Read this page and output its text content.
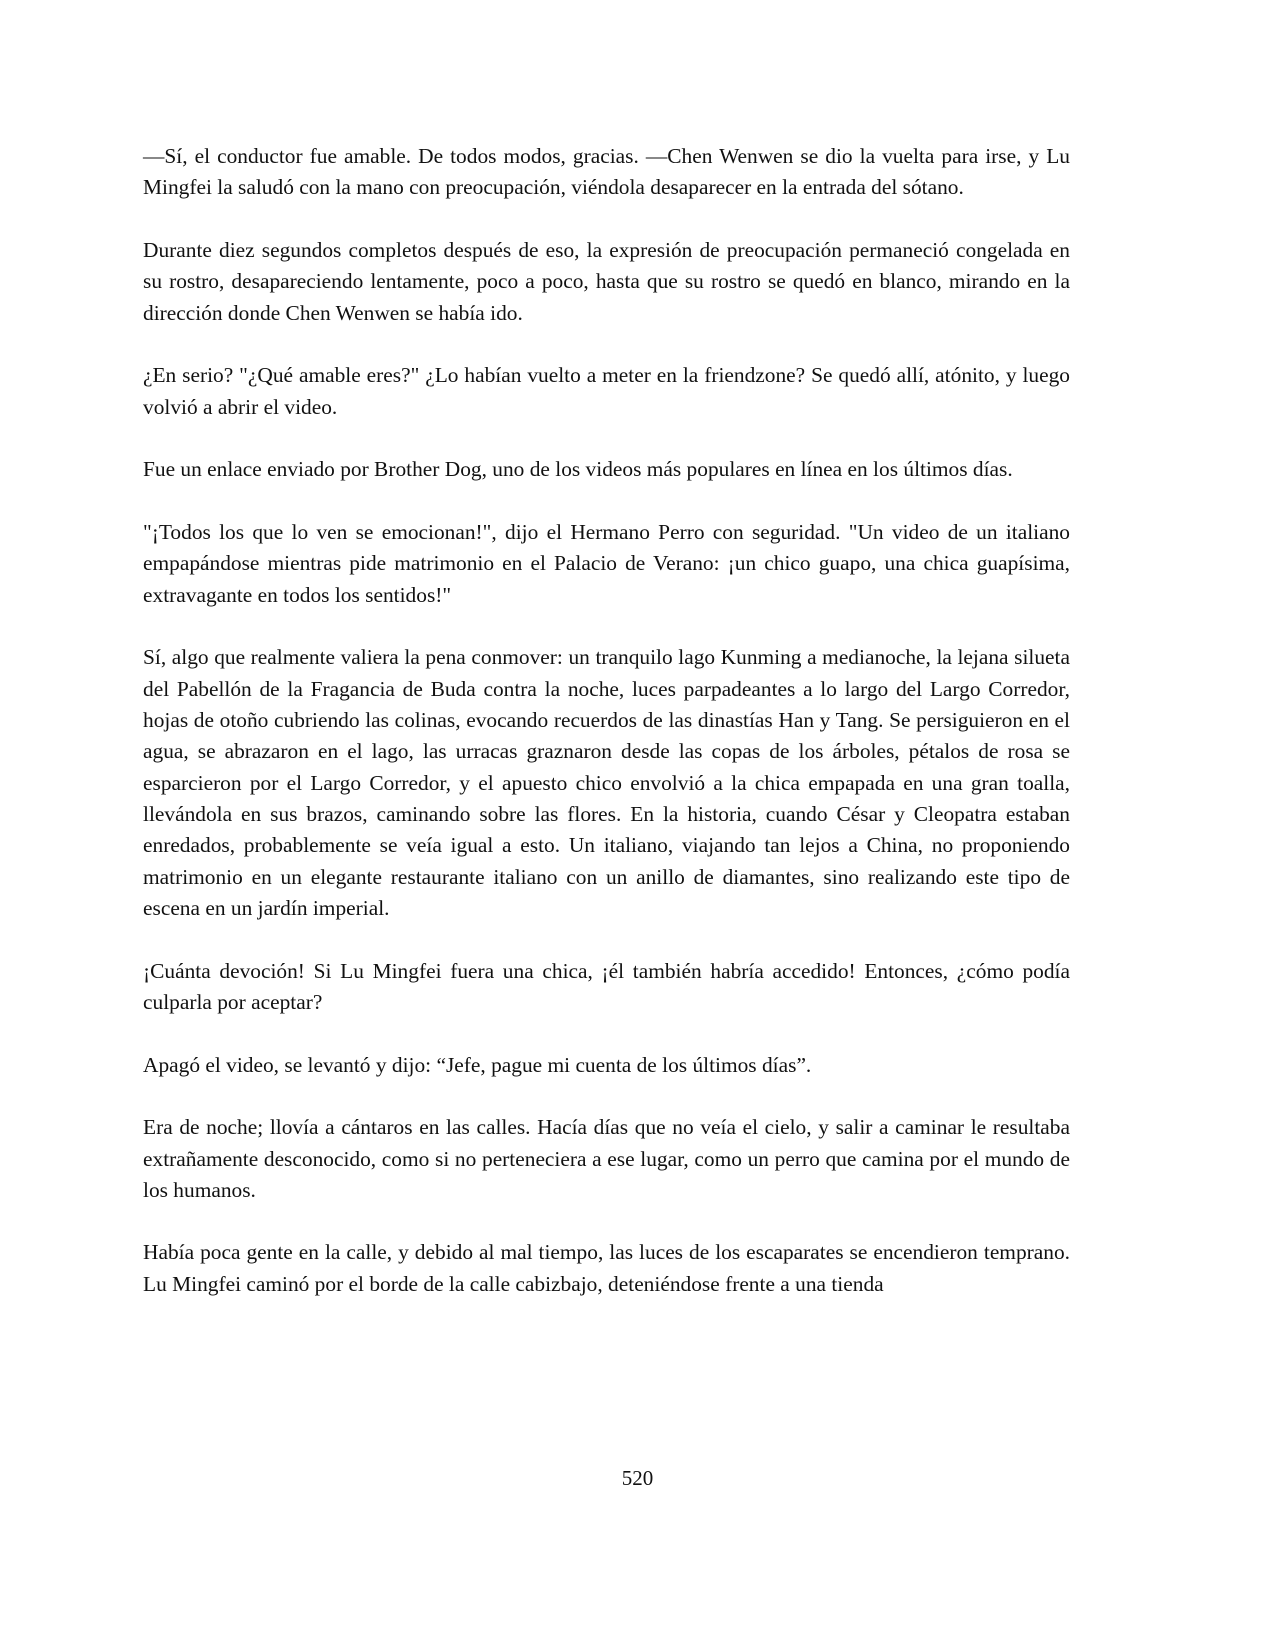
—Sí, el conductor fue amable. De todos modos, gracias. —Chen Wenwen se dio la vuelta para irse, y Lu Mingfei la saludó con la mano con preocupación, viéndola desaparecer en la entrada del sótano.

Durante diez segundos completos después de eso, la expresión de preocupación permaneció congelada en su rostro, desapareciendo lentamente, poco a poco, hasta que su rostro se quedó en blanco, mirando en la dirección donde Chen Wenwen se había ido.

¿En serio? "¿Qué amable eres?" ¿Lo habían vuelto a meter en la friendzone? Se quedó allí, atónito, y luego volvió a abrir el video.

Fue un enlace enviado por Brother Dog, uno de los videos más populares en línea en los últimos días.

"¡Todos los que lo ven se emocionan!", dijo el Hermano Perro con seguridad. "Un video de un italiano empapándose mientras pide matrimonio en el Palacio de Verano: ¡un chico guapo, una chica guapísima, extravagante en todos los sentidos!"

Sí, algo que realmente valiera la pena conmover: un tranquilo lago Kunming a medianoche, la lejana silueta del Pabellón de la Fragancia de Buda contra la noche, luces parpadeantes a lo largo del Largo Corredor, hojas de otoño cubriendo las colinas, evocando recuerdos de las dinastías Han y Tang. Se persiguieron en el agua, se abrazaron en el lago, las urracas graznaron desde las copas de los árboles, pétalos de rosa se esparcieron por el Largo Corredor, y el apuesto chico envolvió a la chica empapada en una gran toalla, llevándola en sus brazos, caminando sobre las flores. En la historia, cuando César y Cleopatra estaban enredados, probablemente se veía igual a esto. Un italiano, viajando tan lejos a China, no proponiendo matrimonio en un elegante restaurante italiano con un anillo de diamantes, sino realizando este tipo de escena en un jardín imperial.

¡Cuánta devoción! Si Lu Mingfei fuera una chica, ¡él también habría accedido! Entonces, ¿cómo podía culparla por aceptar?

Apagó el video, se levantó y dijo: “Jefe, pague mi cuenta de los últimos días”.

Era de noche; llovía a cántaros en las calles. Hacía días que no veía el cielo, y salir a caminar le resultaba extrañamente desconocido, como si no perteneciera a ese lugar, como un perro que camina por el mundo de los humanos.

Había poca gente en la calle, y debido al mal tiempo, las luces de los escaparates se encendieron temprano. Lu Mingfei caminó por el borde de la calle cabizbajo, deteniéndose frente a una tienda

520
